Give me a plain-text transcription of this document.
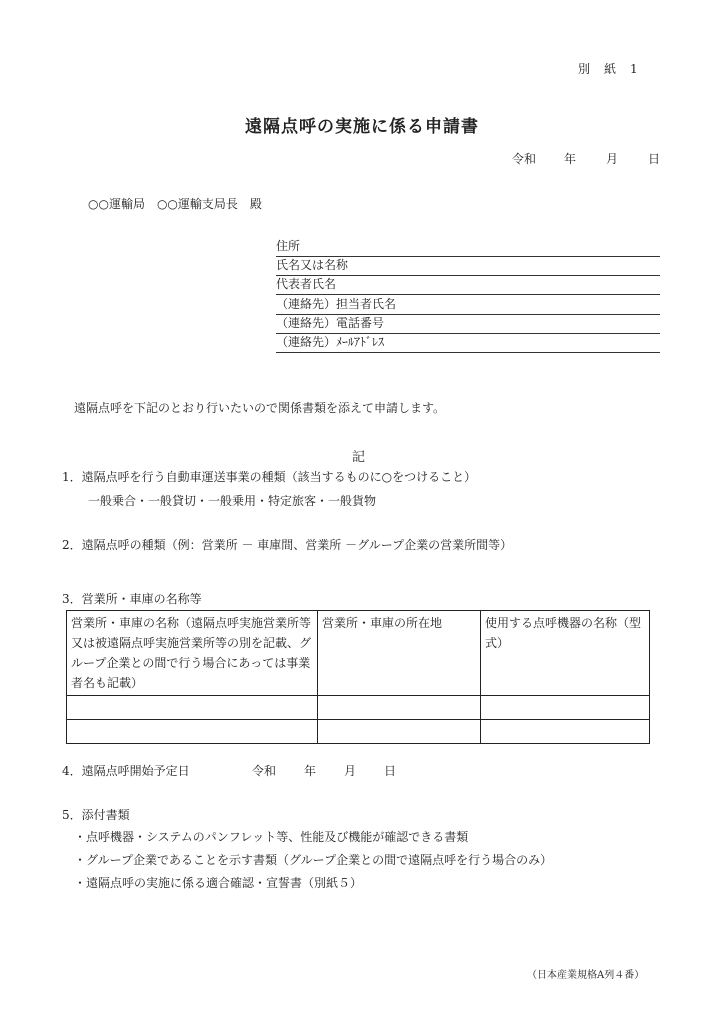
別　紙　1
遠隔点呼の実施に係る申請書
令和 年	月	日
○○運輸局　○○運輸支局長　殿
住所
氏名又は名称
代表者氏名
（連絡先）担当者氏名
（連絡先）電話番号
（連絡先）ﾒｰﾙｱﾄﾞﾚｽ
遠隔点呼を下記のとおり行いたいので関係書類を添えて申請します。
記
1．遠隔点呼を行う自動車運送事業の種類（該当するものに○をつけること）
一般乗合・一般貸切・一般乗用・特定旅客・一般貨物
2．遠隔点呼の種類（例：営業所 － 車庫間、営業所 －グループ企業の営業所間等）
3．営業所・車庫の名称等
営業所・車庫の名称（遠隔点呼実施営業所等又は被遠隔点呼実施営業所等の別を記載、グループ企業との間で行う場合にあっては事業者名も記載）	営業所・車庫の所在地	使用する点呼機器の名称（型式）

4．遠隔点呼開始予定日	令和 年 月 日
5．添付書類
・点呼機器・システムのパンフレット等、性能及び機能が確認できる書類
・グループ企業であることを示す書類（グループ企業との間で遠隔点呼を行う場合のみ）
・遠隔点呼の実施に係る適合確認・宣誓書（別紙５）
（日本産業規格A列４番）
